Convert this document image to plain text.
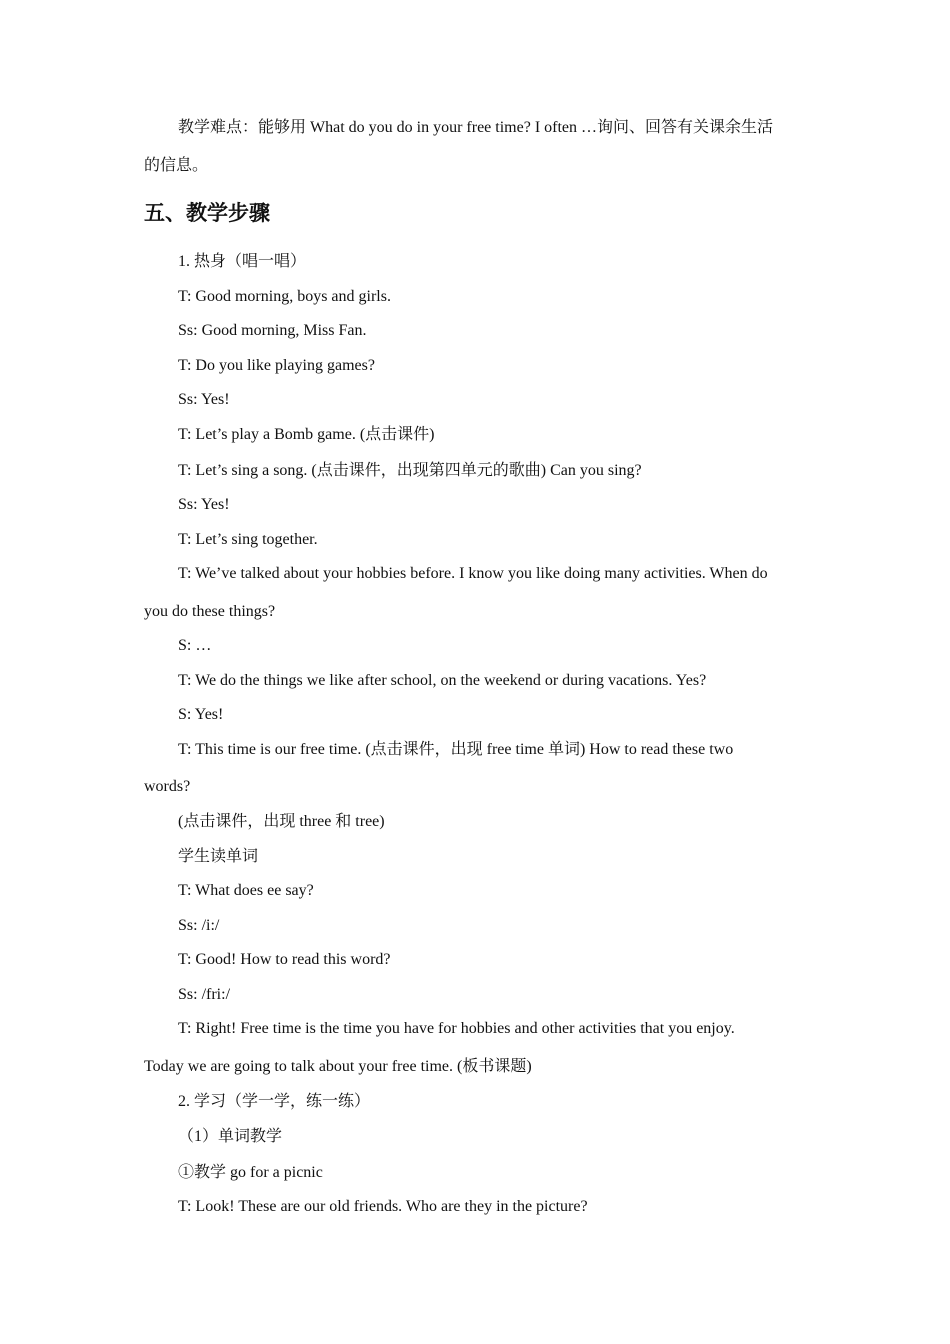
教学难点：能够用 What do you do in your free time? I often …询问、回答有关课余生活
的信息。
五、教学步骤
1. 热身（唱一唱）
T: Good morning, boys and girls.
Ss: Good morning, Miss Fan.
T: Do you like playing games?
Ss: Yes!
T: Let’s play a Bomb game. (点击课件)
T: Let’s sing a song. (点击课件，出现第四单元的歌曲) Can you sing?
Ss: Yes!
T: Let’s sing together.
T: We’ve talked about your hobbies before. I know you like doing many activities. When do
you do these things?
S: …
T: We do the things we like after school, on the weekend or during vacations. Yes?
S: Yes!
T: This time is our free time. (点击课件，出现 free time 单词) How to read these two
words?
(点击课件，出现 three 和 tree)
学生读单词
T: What does ee say?
Ss: /i:/
T: Good! How to read this word?
Ss: /fri:/
T: Right! Free time is the time you have for hobbies and other activities that you enjoy.
Today we are going to talk about your free time. (板书课题)
2. 学习（学一学，练一练）
（1）单词教学
①教学 go for a picnic
T: Look! These are our old friends. Who are they in the picture?
